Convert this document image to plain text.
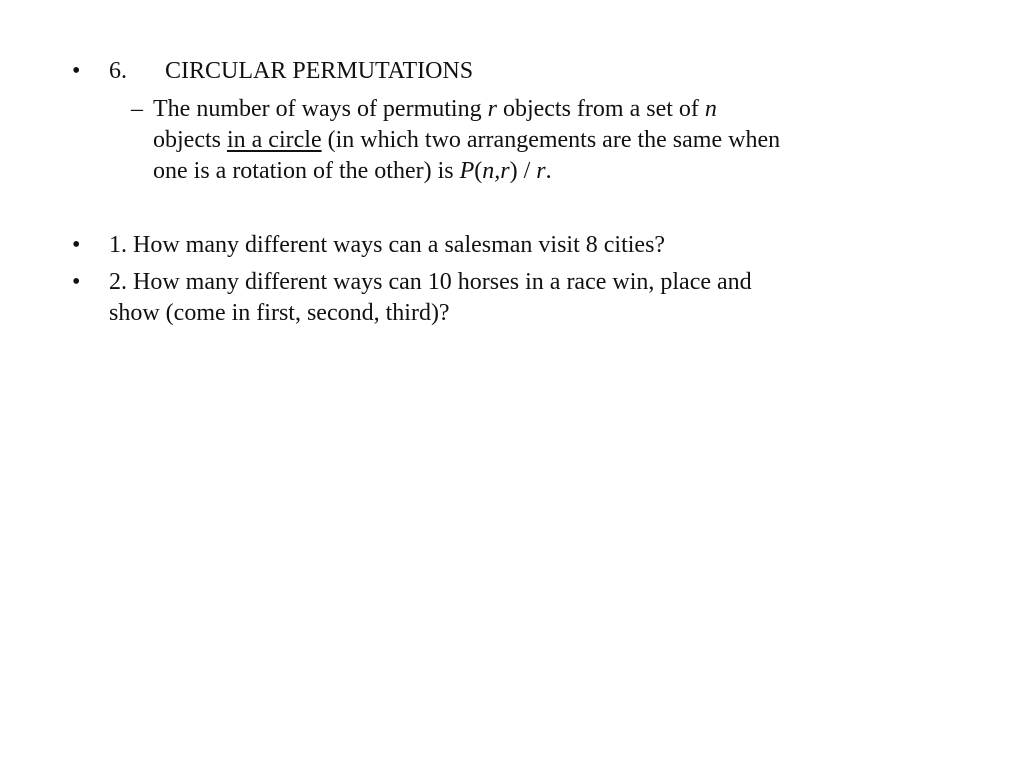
•	6. CIRCULAR PERMUTATIONS
– The number of ways of permuting r objects from a set of n
objects in a circle (in which two arrangements are the same when
one is a rotation of the other) is P(n,r) / r.
•	1. How many different ways can a salesman visit 8 cities?
•	2. How many different ways can 10 horses in a race win, place and
show (come in first, second, third)?
